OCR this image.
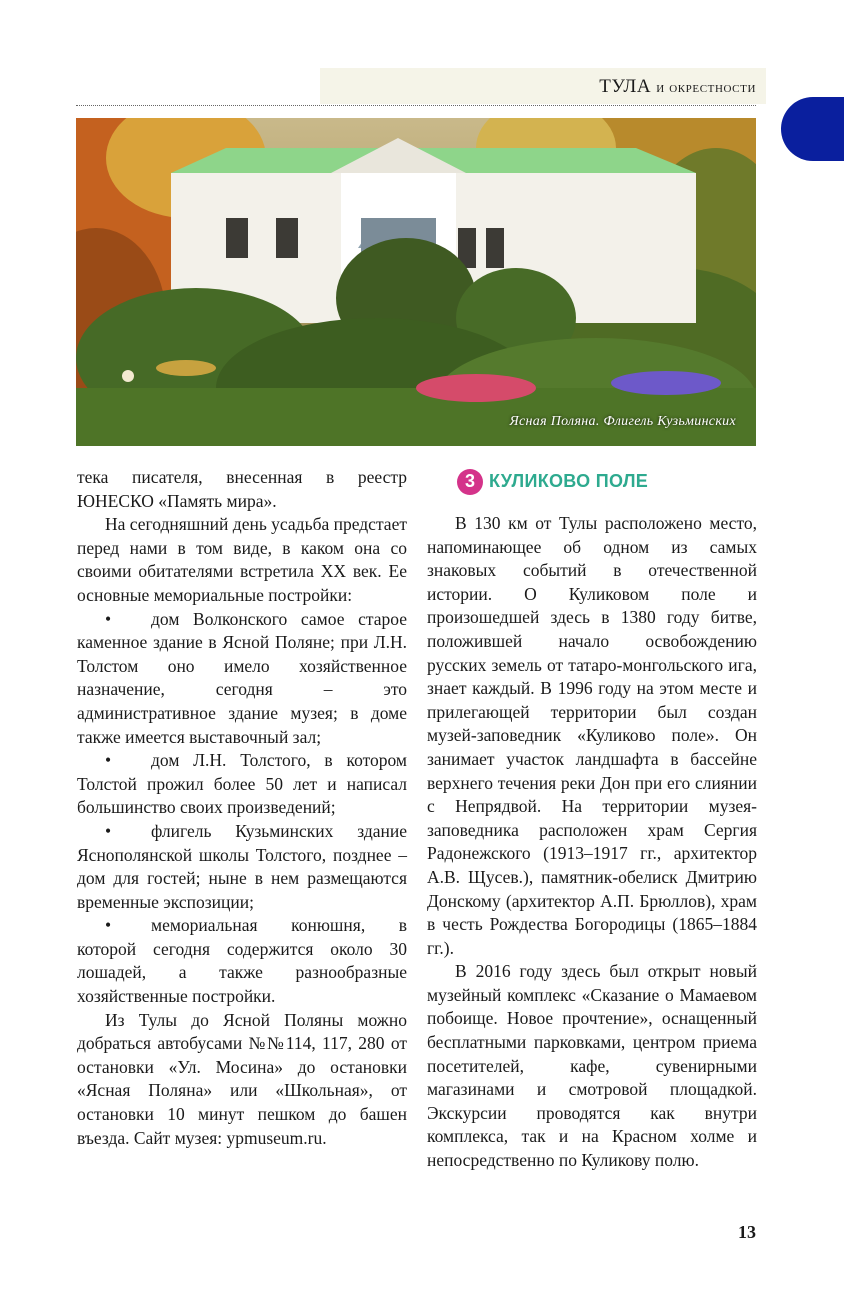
ТУЛА и окрестности
Ясная Поляна. Флигель Кузьминских

тека писателя, внесенная в реестр ЮНЕСКО «Память мира».

На сегодняшний день усадьба предстает перед нами в том виде, в каком она со своими обитателями встретила XX век. Ее основные мемориальные постройки:

• дом Волконского самое старое каменное здание в Ясной Поляне; при Л.Н. Толстом оно имело хозяйственное назначение, сегодня – это административное здание музея; в доме также имеется выставочный зал;

• дом Л.Н. Толстого, в котором Толстой прожил более 50 лет и написал большинство своих произведений;

• флигель Кузьминских здание Яснополянской школы Толстого, позднее – дом для гостей; ныне в нем размещаются временные экспозиции;

• мемориальная конюшня, в которой сегодня содержится около 30 лошадей, а также разнообразные хозяйственные постройки.

Из Тулы до Ясной Поляны можно добраться автобусами №№114, 117, 280 от остановки «Ул. Мосина» до остановки «Ясная Поляна» или «Школьная», от остановки 10 минут пешком до башен въезда. Сайт музея: ypmuseum.ru.

3 КУЛИКОВО ПОЛЕ

В 130 км от Тулы расположено место, напоминающее об одном из самых знаковых событий в отечественной истории. О Куликовом поле и произошедшей здесь в 1380 году битве, положившей начало освобождению русских земель от татаро-монгольского ига, знает каждый. В 1996 году на этом месте и прилегающей территории был создан музей-заповедник «Куликово поле». Он занимает участок ландшафта в бассейне верхнего течения реки Дон при его слиянии с Непрядвой. На территории музея-заповедника расположен храм Сергия Радонежского (1913–1917 гг., архитектор А.В. Щусев.), памятник-обелиск Дмитрию Донскому (архитектор А.П. Брюллов), храм в честь Рождества Богородицы (1865–1884 гг.).

В 2016 году здесь был открыт новый музейный комплекс «Сказание о Мамаевом побоище. Новое прочтение», оснащенный бесплатными парковками, центром приема посетителей, кафе, сувенирными магазинами и смотровой площадкой. Экскурсии проводятся как внутри комплекса, так и на Красном холме и непосредственно по Куликову полю.

13
